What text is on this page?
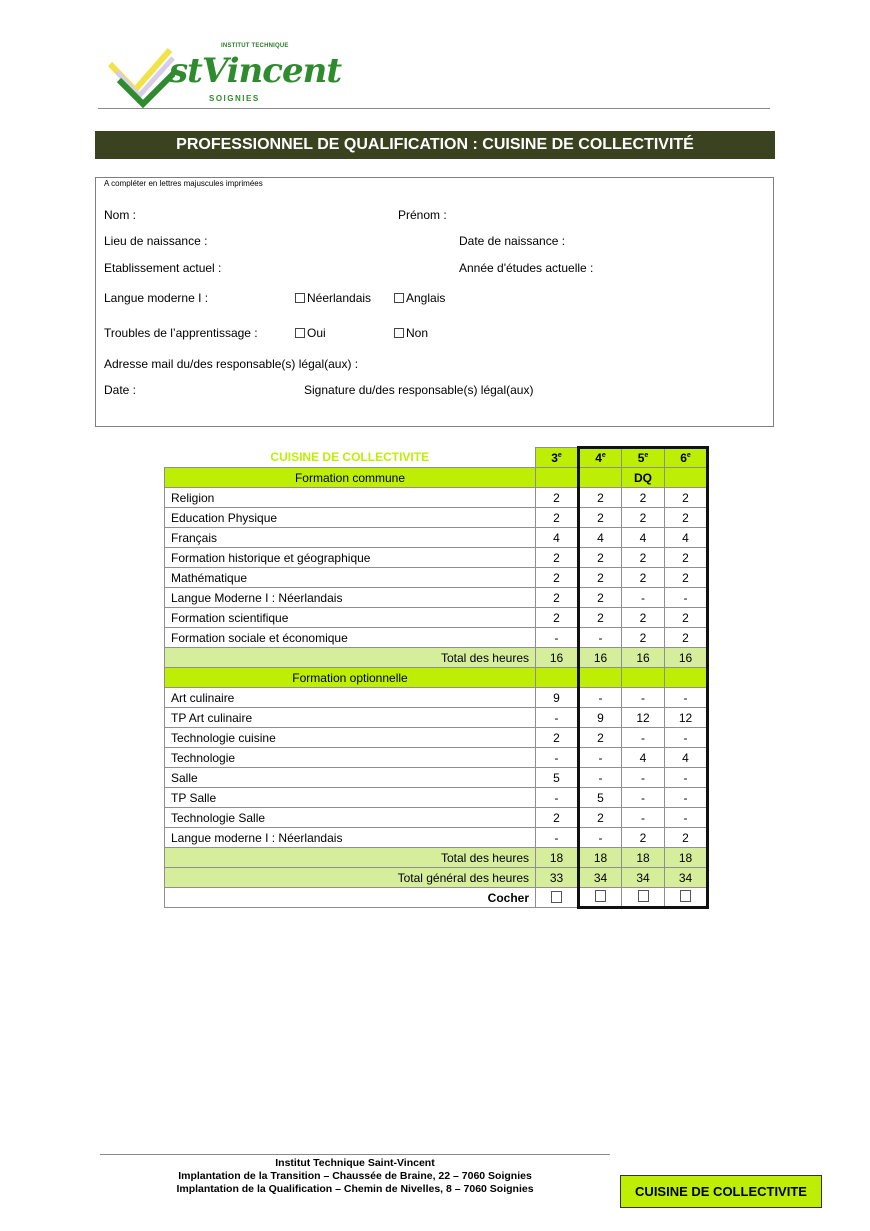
INSTITUT TECHNIQUE
stVincent
SOIGNIES
PROFESSIONNEL DE QUALIFICATION : CUISINE DE COLLECTIVITÉ
A compléter en lettres majuscules imprimées
Nom :	Prénom :
Lieu de naissance :	Date de naissance :
Etablissement actuel :	Année d'études actuelle :
Langue moderne I :	Néerlandais	Anglais
Troubles de l’apprentissage :	Oui	Non
Adresse mail du/des responsable(s) légal(aux) :
Date :	Signature du/des responsable(s) légal(aux)
CUISINE DE COLLECTIVITE	3e	4e	5e	6e
Formation commune			DQ	
Religion	2	2	2	2
Education Physique	2	2	2	2
Français	4	4	4	4
Formation historique et géographique	2	2	2	2
Mathématique	2	2	2	2
Langue Moderne I : Néerlandais	2	2	-	-
Formation scientifique	2	2	2	2
Formation sociale et économique	-	-	2	2
Total des heures	16	16	16	16
Formation optionnelle				
Art culinaire	9	-	-	-
TP Art culinaire	-	9	12	12
Technologie cuisine	2	2	-	-
Technologie	-	-	4	4
Salle	5	-	-	-
TP Salle	-	5	-	-
Technologie Salle	2	2	-	-
Langue moderne I : Néerlandais	-	-	2	2
Total des heures	18	18	18	18
Total général des heures	33	34	34	34
Cocher				
Institut Technique Saint-Vincent
Implantation de la Transition – Chaussée de Braine, 22 – 7060 Soignies
Implantation de la Qualification – Chemin de Nivelles, 8 – 7060 Soignies	CUISINE DE COLLECTIVITE
